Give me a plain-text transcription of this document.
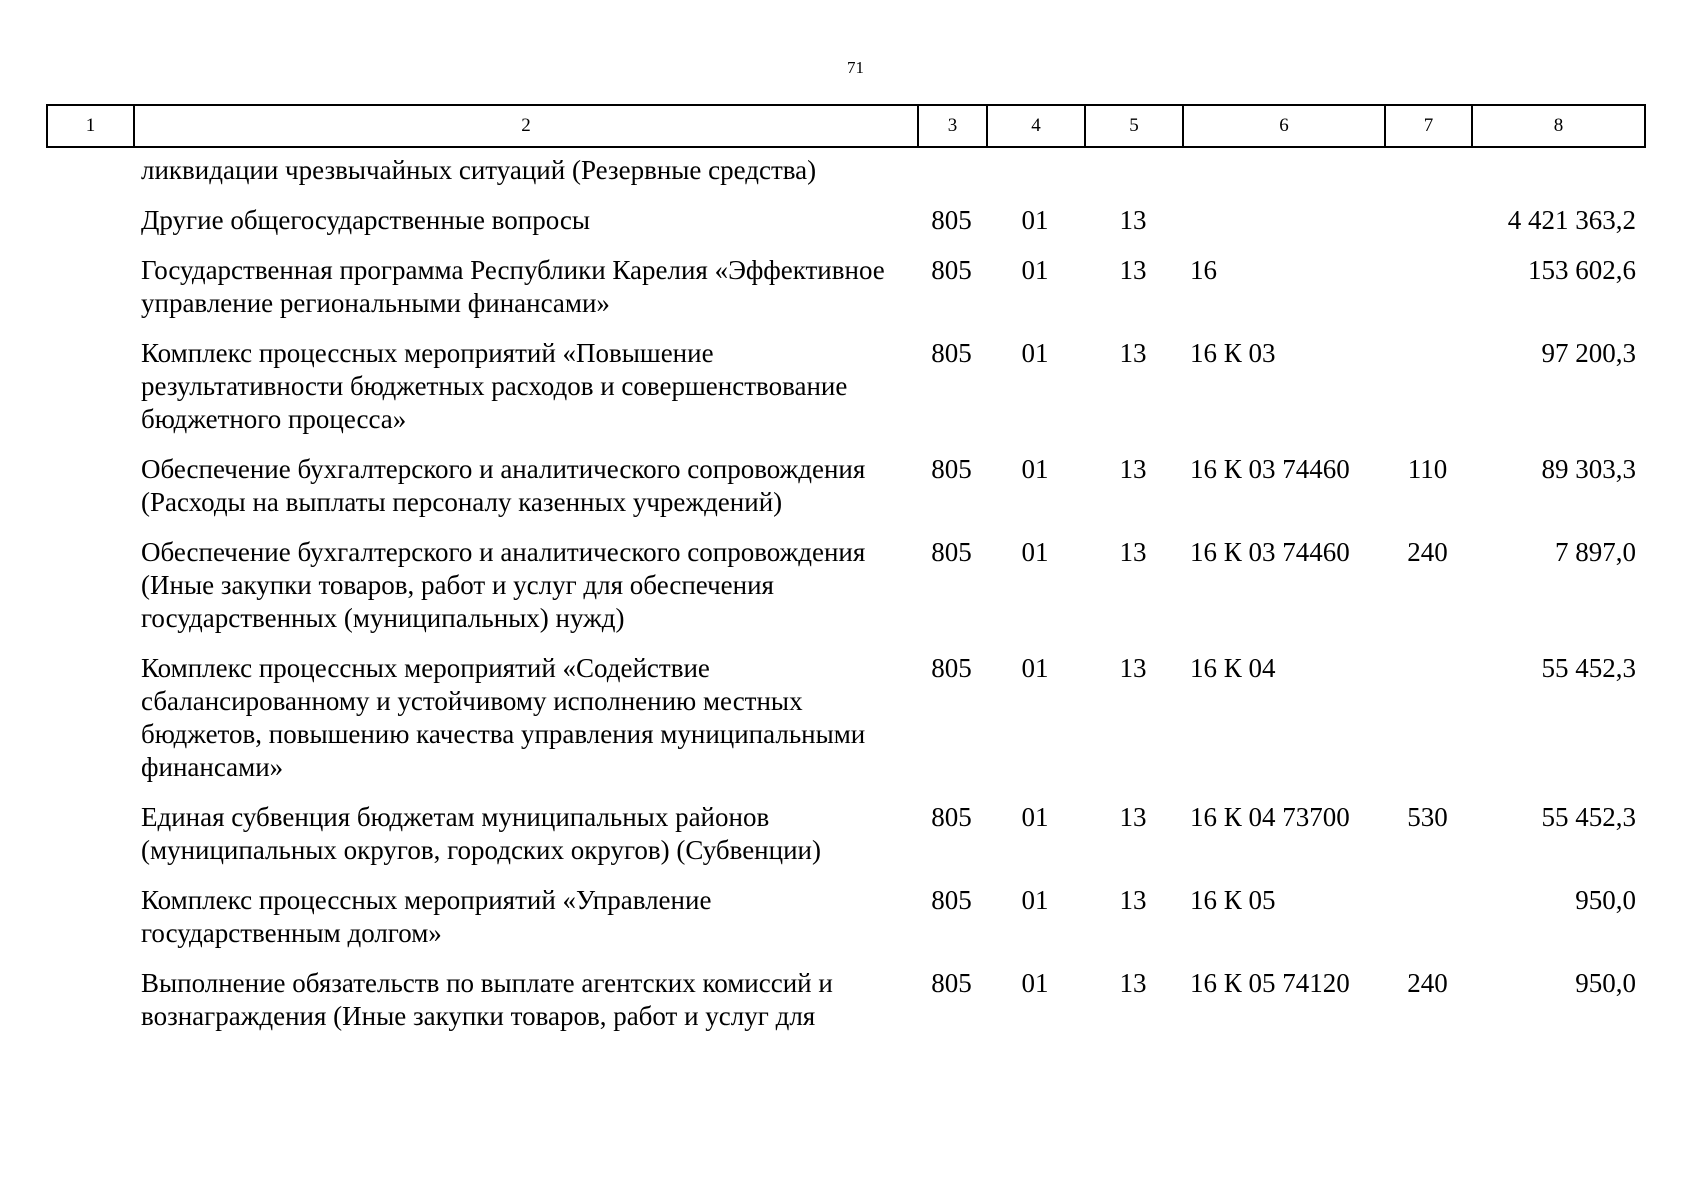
71
1	2	3	4	5	6	7	8
ликвидации чрезвычайных ситуаций (Резервные средства)						
Другие общегосударственные вопросы	805	01	13			4 421 363,2
Государственная программа Республики Карелия «Эффективное управление региональными финансами»	805	01	13	16		153 602,6
Комплекс процессных мероприятий «Повышение результативности бюджетных расходов и совершенствование бюджетного процесса»	805	01	13	16 К 03		97 200,3
Обеспечение бухгалтерского и аналитического сопровождения (Расходы на выплаты персоналу казенных учреждений)	805	01	13	16 К 03 74460	110	89 303,3
Обеспечение бухгалтерского и аналитического сопровождения (Иные закупки товаров, работ и услуг для обеспечения государственных (муниципальных) нужд)	805	01	13	16 К 03 74460	240	7 897,0
Комплекс процессных мероприятий «Содействие сбалансированному и устойчивому исполнению местных бюджетов, повышению качества управления муниципальными финансами»	805	01	13	16 К 04		55 452,3
Единая субвенция бюджетам муниципальных районов (муниципальных округов, городских округов) (Субвенции)	805	01	13	16 К 04 73700	530	55 452,3
Комплекс процессных мероприятий «Управление государственным долгом»	805	01	13	16 К 05		950,0
Выполнение обязательств по выплате агентских комиссий и вознаграждения (Иные закупки товаров, работ и услуг для	805	01	13	16 К 05 74120	240	950,0
